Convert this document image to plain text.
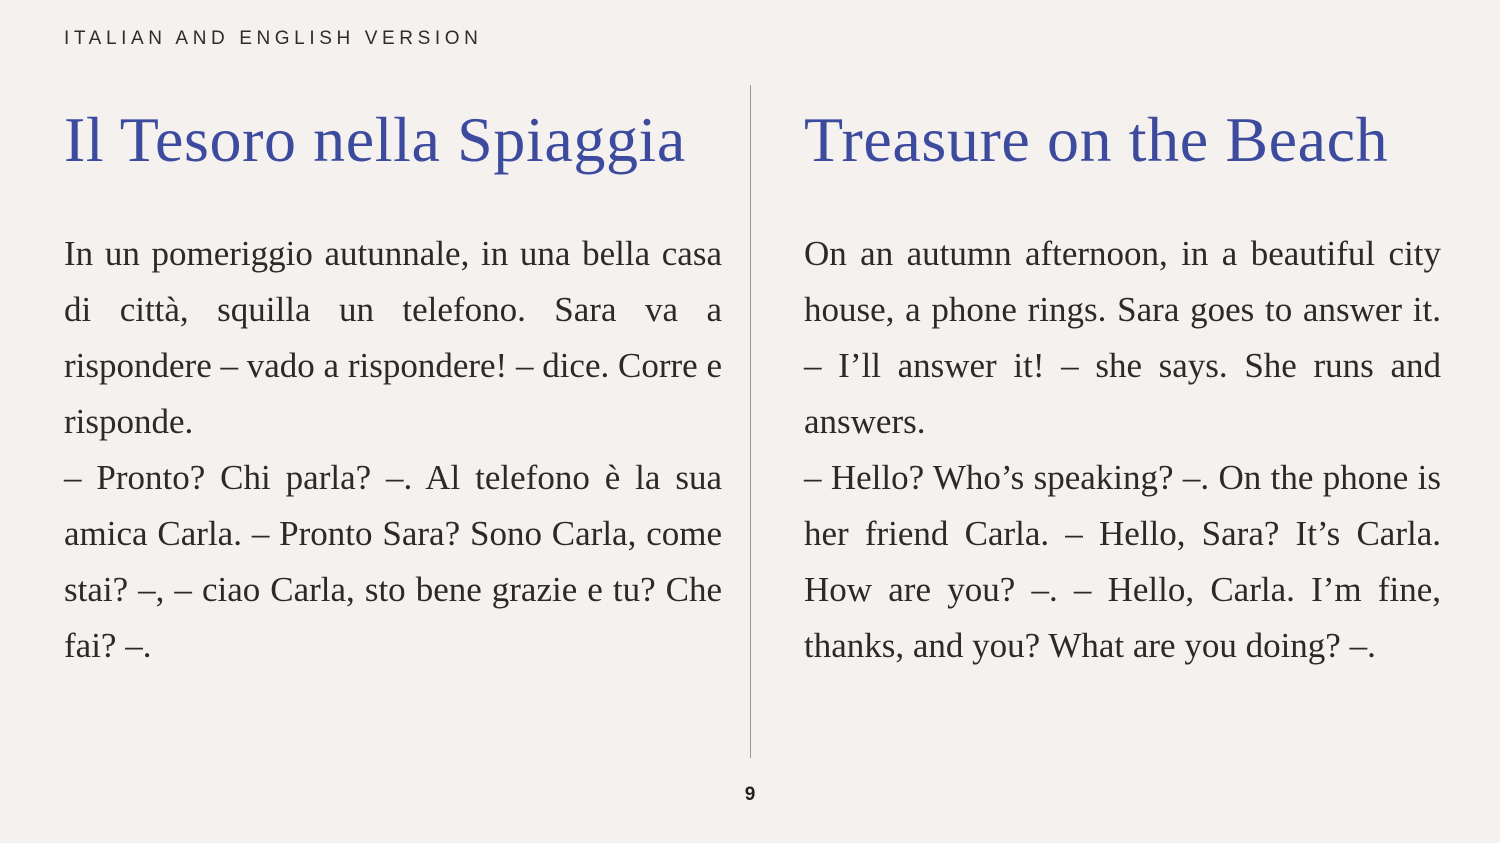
ITALIAN AND ENGLISH VERSION
Il Tesoro nella Spiaggia
In un pomeriggio autunnale, in una bella casa di città, squilla un telefono. Sara va a rispondere – vado a rispondere! – dice. Corre e risponde.
– Pronto? Chi parla? –. Al telefono è la sua amica Carla. – Pronto Sara? Sono Carla, come stai? –, – ciao Carla, sto bene grazie e tu? Che fai? –.
Treasure on the Beach
On an autumn afternoon, in a beautiful city house, a phone rings. Sara goes to answer it. – I’ll answer it! – she says. She runs and answers.
– Hello? Who’s speaking? –. On the phone is her friend Carla. – Hello, Sara? It’s Carla. How are you? –. – Hello, Carla. I’m fine, thanks, and you? What are you doing? –.
9
